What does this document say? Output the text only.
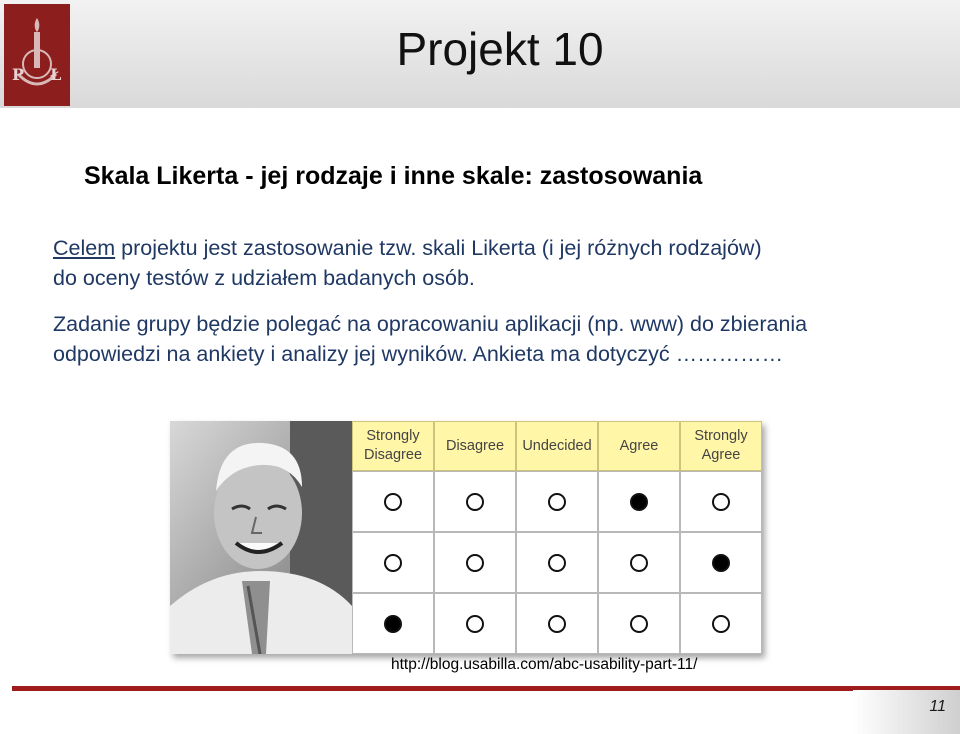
P Ł	Projekt 10
Skala Likerta - jej rodzaje i inne skale: zastosowania
Celem projektu jest zastosowanie tzw. skali Likerta (i jej różnych rodzajów)
do oceny testów z udziałem badanych osób.
Zadanie grupy będzie polegać na opracowaniu aplikacji (np. www) do zbierania
odpowiedzi na ankiety i analizy jej wyników. Ankieta ma dotyczyć ……………
Strongly
Disagree
Disagree Undecided Agree
Strongly
Agree
http://blog.usabilla.com/abc-usability-part-11/
11
